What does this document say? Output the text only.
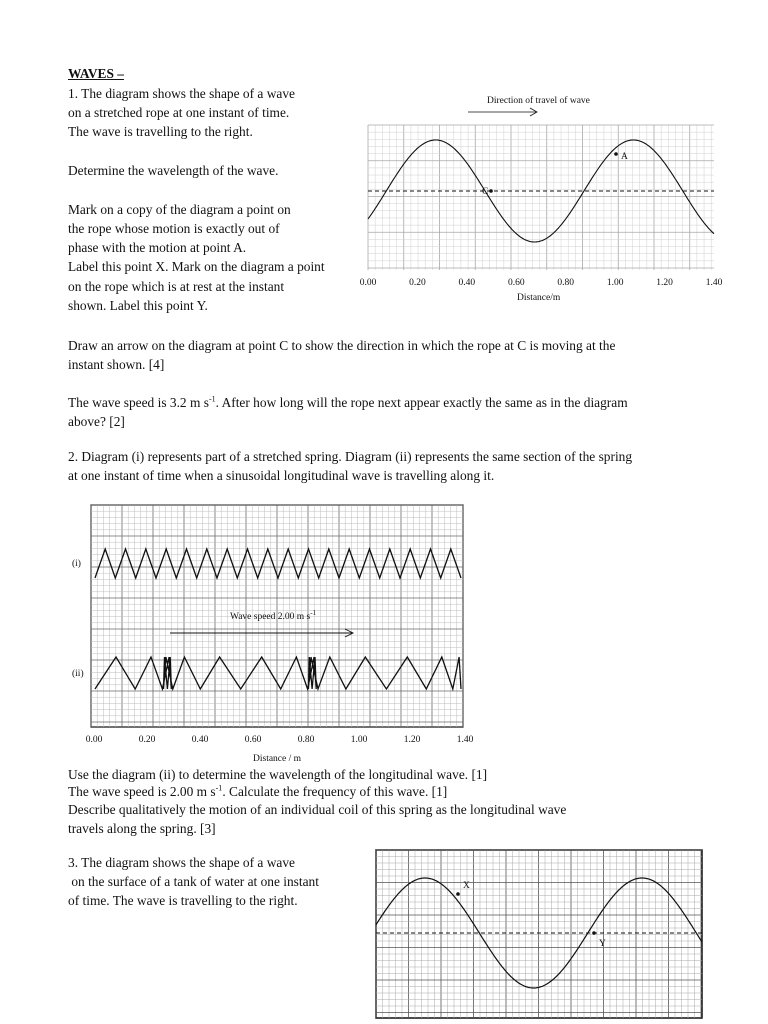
WAVES –

1. The diagram shows the shape of a wave

on a stretched rope at one instant of time.

The wave is travelling to the right.

Determine the wavelength of the wave.

Mark on a copy of the diagram a point on

the rope whose motion is exactly out of

phase with the motion at point A.

Label this point X. Mark on the diagram a point

on the rope which is at rest at the instant

shown. Label this point Y.

Draw an arrow on the diagram at point C to show the direction in which the rope at C is moving at the

instant shown. [4]

The wave speed is 3.2 m $s^{-1}$. After how long will the rope next appear exactly the same as in the diagram

above? [2]

Direction of travel of wave
A
C
0.00	0.20	0.40	0.60	0.80	1.00	1.20	1.40
Distance/m

2. Diagram (i) represents part of a stretched spring. Diagram (ii) represents the same section of the spring

at one instant of time when a sinusoidal longitudinal wave is travelling along it.

Wave speed 2.00 m $s^{-1}$
(i)
(ii)
0.00	0.20	0.40	0.60	0.80	1.00	1.20	1.40
Distance / m

Use the diagram (ii) to determine the wavelength of the longitudinal wave. [1]

The wave speed is 2.00 m $s^{-1}$. Calculate the frequency of this wave. [1]

Describe qualitatively the motion of an individual coil of this spring as the longitudinal wave

travels along the spring. [3]

3. The diagram shows the shape of a wave

on the surface of a tank of water at one instant

of time. The wave is travelling to the right.

X
Y
